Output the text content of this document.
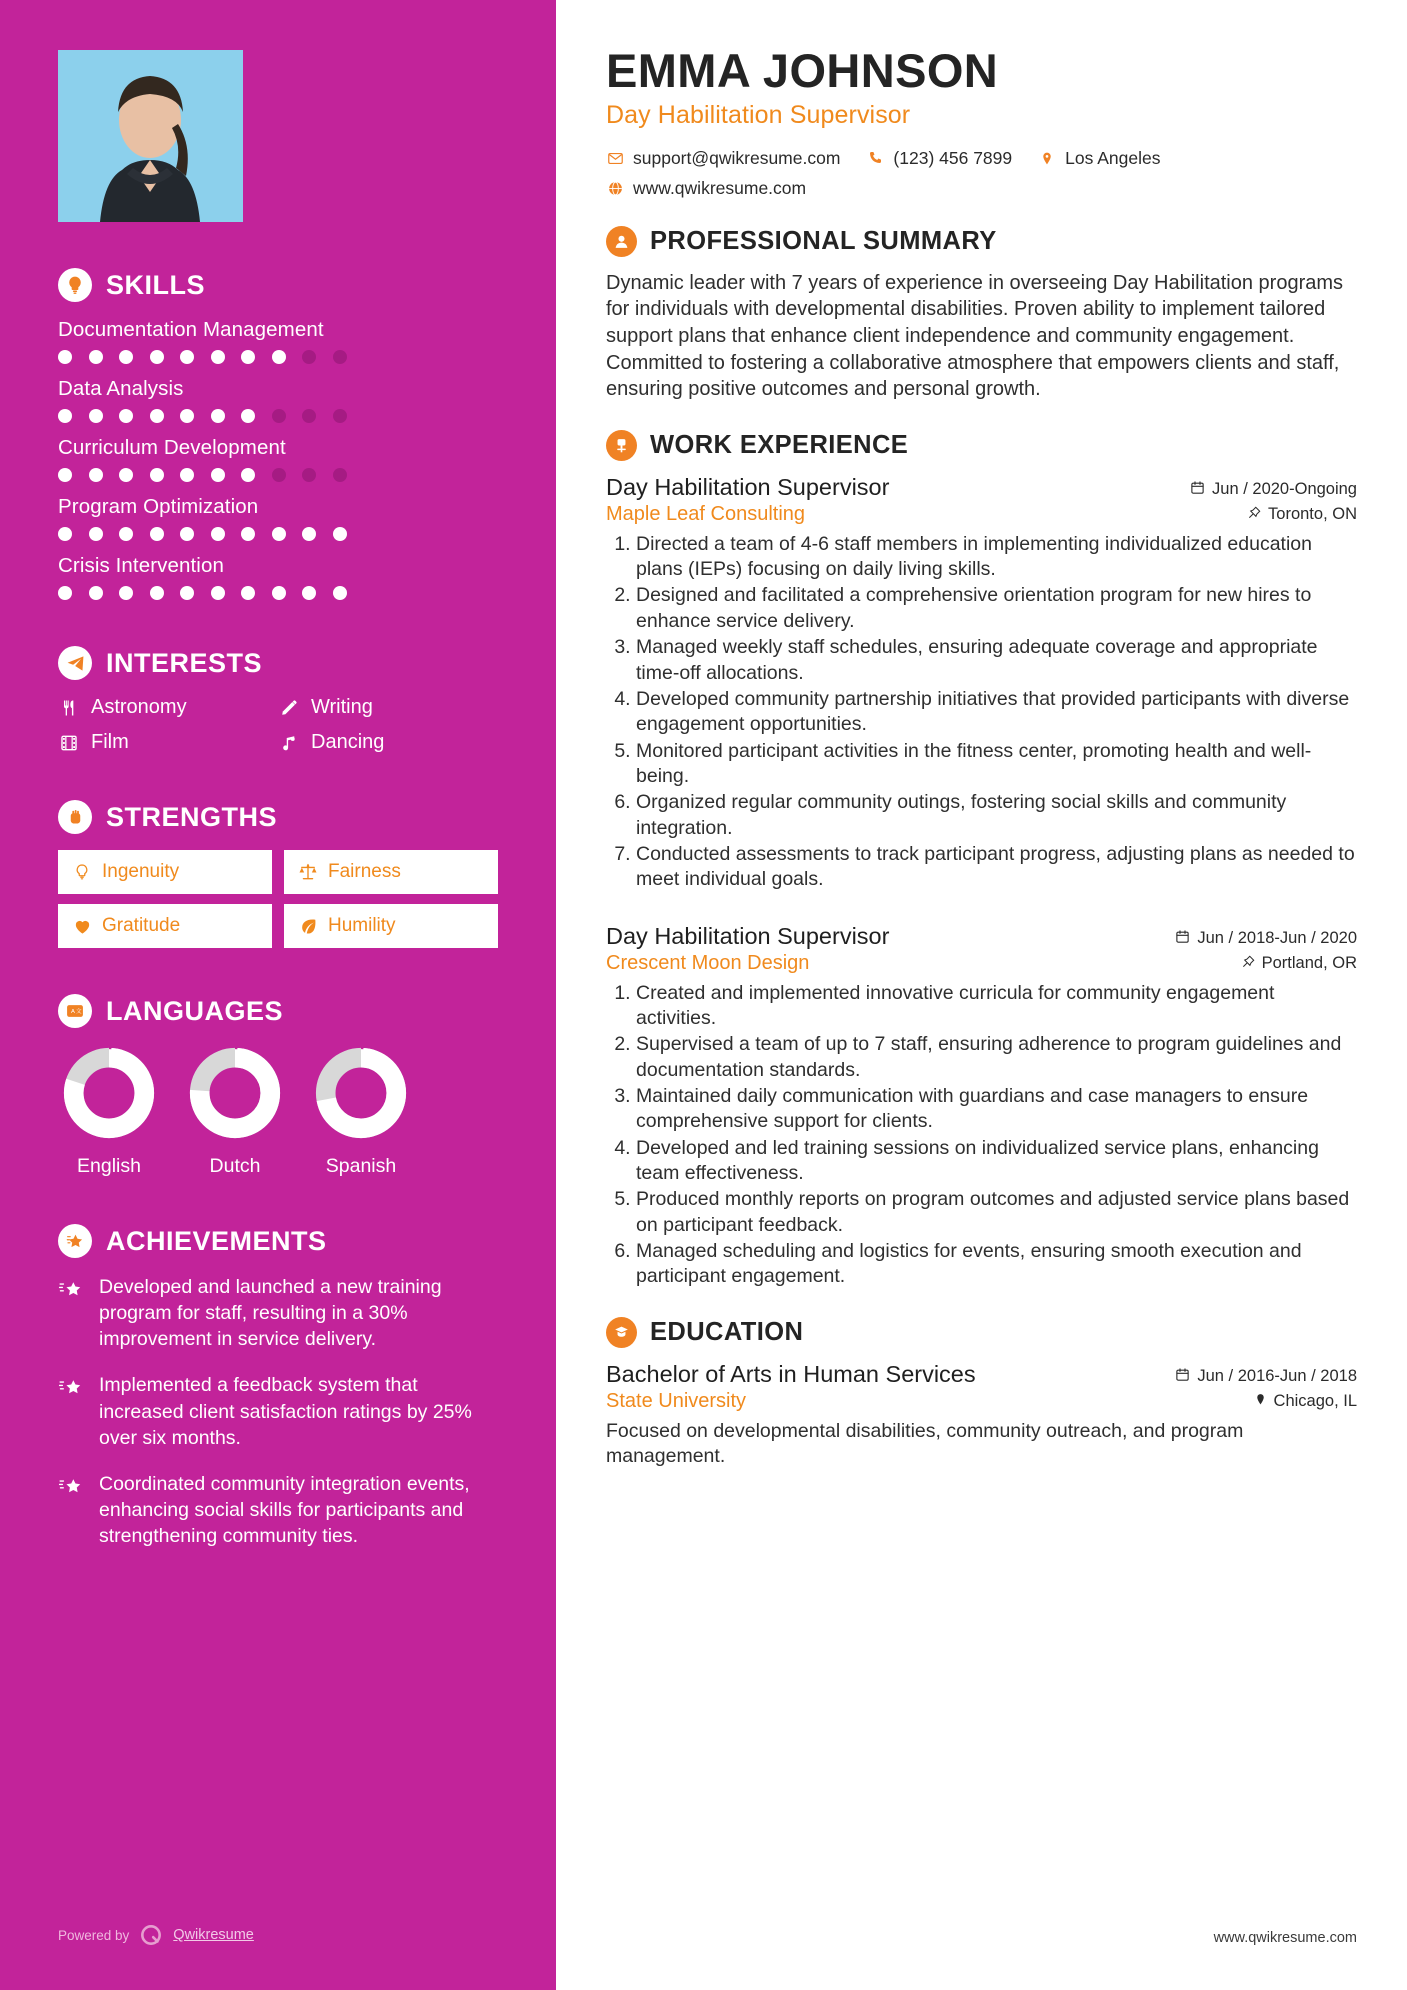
SKILLS
Documentation Management
Data Analysis
Curriculum Development
Program Optimization
Crisis Intervention
INTERESTS
Astronomy	Writing
Film	Dancing
STRENGTHS
Ingenuity	Fairness
Gratitude	Humility
A 文 LANGUAGES
English	Dutch	Spanish
ACHIEVEMENTS
Developed and launched a new training program for staff, resulting in a 30% improvement in service delivery.
Implemented a feedback system that increased client satisfaction ratings by 25% over six months.
Coordinated community integration events, enhancing social skills for participants and strengthening community ties.
Powered by	Qwikresume
EMMA JOHNSON
Day Habilitation Supervisor
support@qwikresume.com	(123) 456 7899	Los Angeles
www.qwikresume.com
PROFESSIONAL SUMMARY

Dynamic leader with 7 years of experience in overseeing Day Habilitation programs for individuals with developmental disabilities. Proven ability to implement tailored support plans that enhance client independence and community engagement. Committed to fostering a collaborative atmosphere that empowers clients and staff, ensuring positive outcomes and personal growth.

WORK EXPERIENCE
Day Habilitation Supervisor	Jun / 2020-Ongoing
Maple Leaf Consulting	Toronto, ON
1. Directed a team of 4-6 staff members in implementing individualized education plans (IEPs) focusing on daily living skills.
2. Designed and facilitated a comprehensive orientation program for new hires to enhance service delivery.
3. Managed weekly staff schedules, ensuring adequate coverage and appropriate time-off allocations.
4. Developed community partnership initiatives that provided participants with diverse engagement opportunities.
5. Monitored participant activities in the fitness center, promoting health and well-being.
6. Organized regular community outings, fostering social skills and community integration.
7. Conducted assessments to track participant progress, adjusting plans as needed to meet individual goals.
Day Habilitation Supervisor	Jun / 2018-Jun / 2020
Crescent Moon Design	Portland, OR
1. Created and implemented innovative curricula for community engagement activities.
2. Supervised a team of up to 7 staff, ensuring adherence to program guidelines and documentation standards.
3. Maintained daily communication with guardians and case managers to ensure comprehensive support for clients.
4. Developed and led training sessions on individualized service plans, enhancing team effectiveness.
5. Produced monthly reports on program outcomes and adjusted service plans based on participant feedback.
6. Managed scheduling and logistics for events, ensuring smooth execution and participant engagement.
EDUCATION
Bachelor of Arts in Human Services	Jun / 2016-Jun / 2018
State University	Chicago, IL

Focused on developmental disabilities, community outreach, and program management.

www.qwikresume.com
